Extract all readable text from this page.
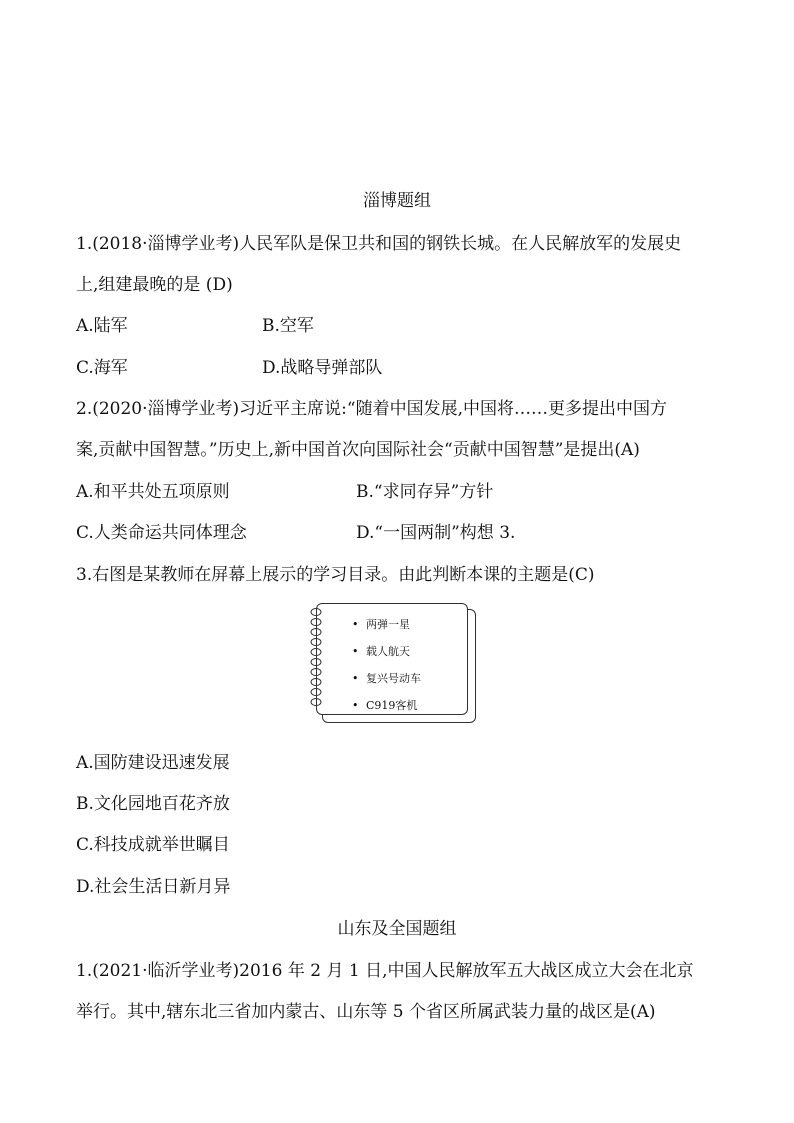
淄博题组
1.(2018·淄博学业考)人民军队是保卫共和国的钢铁长城。在人民解放军的发展史
上,组建最晚的是 (D)
A.陆军	B.空军
C.海军	D.战略导弹部队
2.(2020·淄博学业考)习近平主席说:“随着中国发展,中国将……更多提出中国方
案,贡献中国智慧。”历史上,新中国首次向国际社会“贡献中国智慧”是提出(A)
A.和平共处五项原则	B.“求同存异”方针
C.人类命运共同体理念	D.“一国两制”构想 3.
3.右图是某教师在屏幕上展示的学习目录。由此判断本课的主题是(C)
• 两弹一星
• 载人航天
• 复兴号动车
• C919客机
A.国防建设迅速发展
B.文化园地百花齐放
C.科技成就举世瞩目
D.社会生活日新月异
山东及全国题组
1.(2021·临沂学业考)2016 年 2 月 1 日,中国人民解放军五大战区成立大会在北京
举行。其中,辖东北三省加内蒙古、山东等 5 个省区所属武装力量的战区是(A)
